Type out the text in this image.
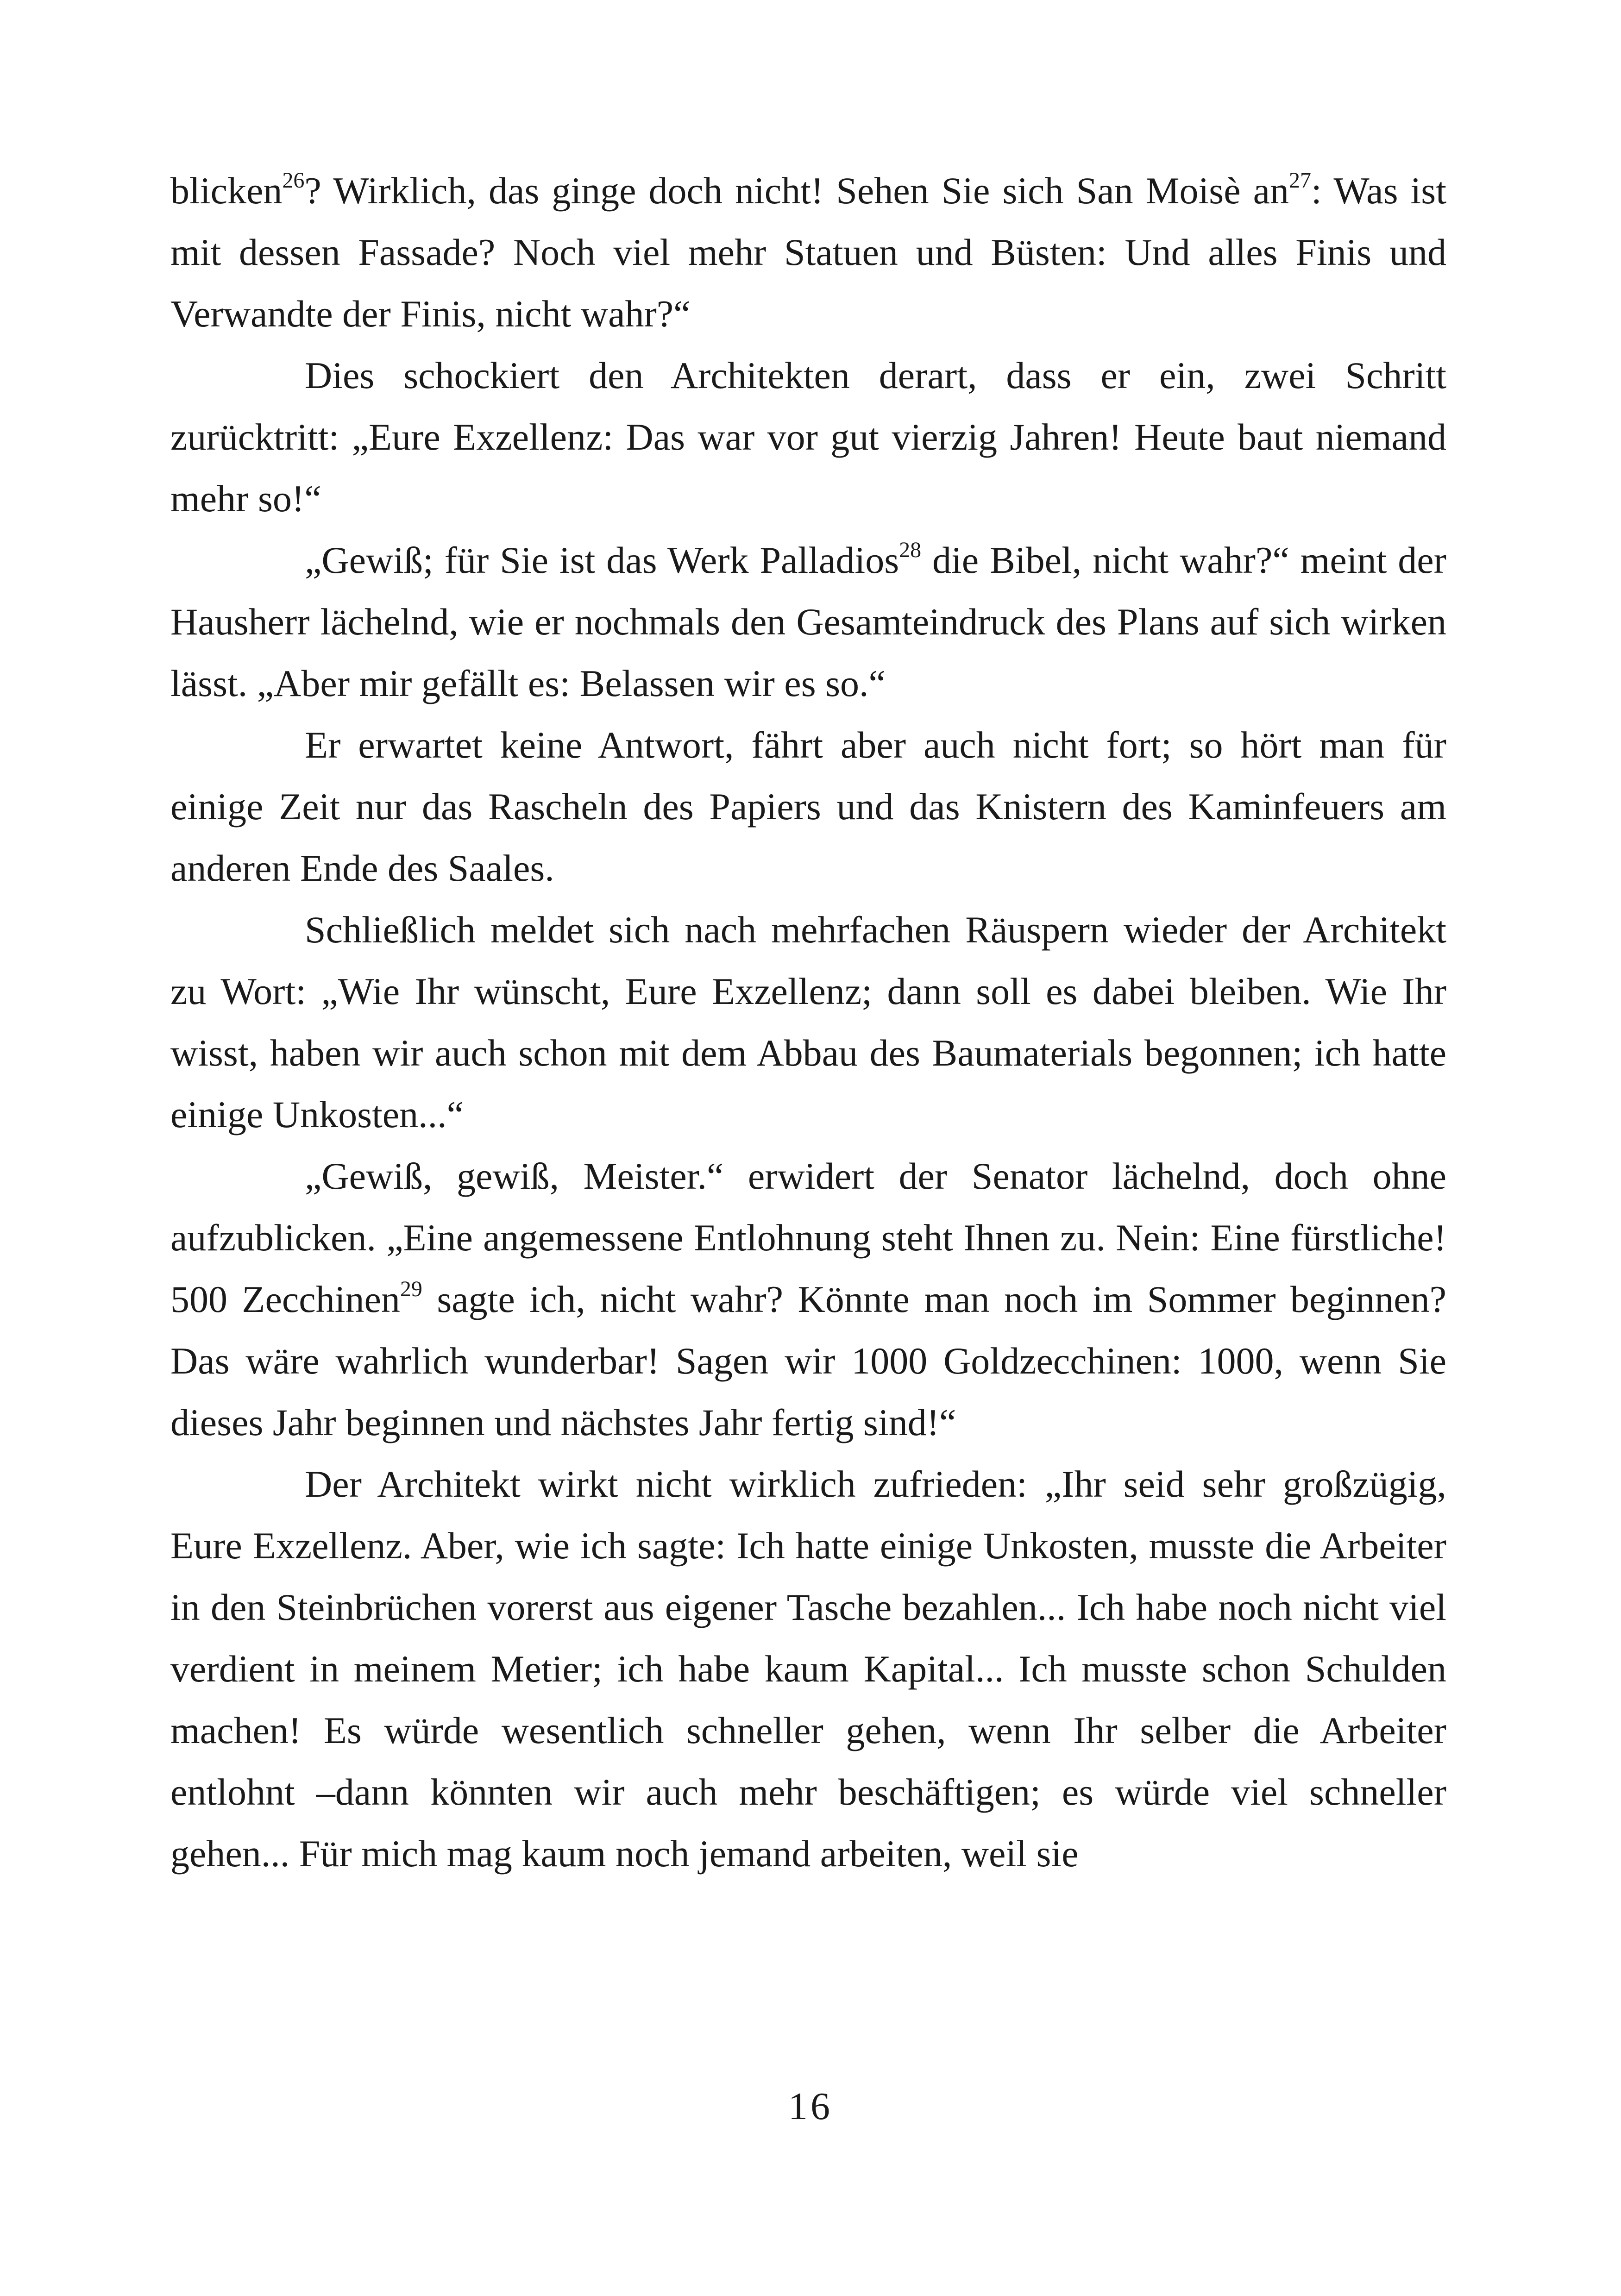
blicken$^{26}$? Wirklich, das ginge doch nicht! Sehen Sie sich San Moisè $an^{27}$: Was ist mit dessen Fassade? Noch viel mehr Statuen und Büsten: Und alles Finis und Verwandte der Finis, nicht wahr?“

Dies schockiert den Architekten derart, dass er ein, zwei Schritt zurücktritt: „Eure Exzellenz: Das war vor gut vierzig Jahren! Heute baut niemand mehr so!“

„Gewiß; für Sie ist das Werk Palladios$^{28}$ die Bibel, nicht wahr?“ meint der Hausherr lächelnd, wie er nochmals den Gesamteindruck des Plans auf sich wirken lässt. „Aber mir gefällt es: Belassen wir es so.“

Er erwartet keine Antwort, fährt aber auch nicht fort; so hört man für einige Zeit nur das Rascheln des Papiers und das Knistern des Kaminfeuers am anderen Ende des Saales.

Schließlich meldet sich nach mehrfachen Räuspern wieder der Architekt zu Wort: „Wie Ihr wünscht, Eure Exzellenz; dann soll es dabei bleiben. Wie Ihr wisst, haben wir auch schon mit dem Abbau des Baumaterials begonnen; ich hatte einige Unkosten...“

„Gewiß, gewiß, Meister.“ erwidert der Senator lächelnd, doch ohne aufzublicken. „Eine angemessene Entlohnung steht Ihnen zu. Nein: Eine fürstliche! 500 Zecchinen$^{29}$ sagte ich, nicht wahr? Könnte man noch im Sommer beginnen? Das wäre wahrlich wunderbar! Sagen wir 1000 Goldzecchinen: 1000, wenn Sie dieses Jahr beginnen und nächstes Jahr fertig sind!“

Der Architekt wirkt nicht wirklich zufrieden: „Ihr seid sehr großzügig, Eure Exzellenz. Aber, wie ich sagte: Ich hatte einige Unkosten, musste die Arbeiter in den Steinbrüchen vorerst aus eigener Tasche bezahlen... Ich habe noch nicht viel verdient in meinem Metier; ich habe kaum Kapital... Ich musste schon Schulden machen! Es würde wesentlich schneller gehen, wenn Ihr selber die Arbeiter entlohnt –dann könnten wir auch mehr beschäftigen; es würde viel schneller gehen... Für mich mag kaum noch jemand arbeiten, weil sie

16
